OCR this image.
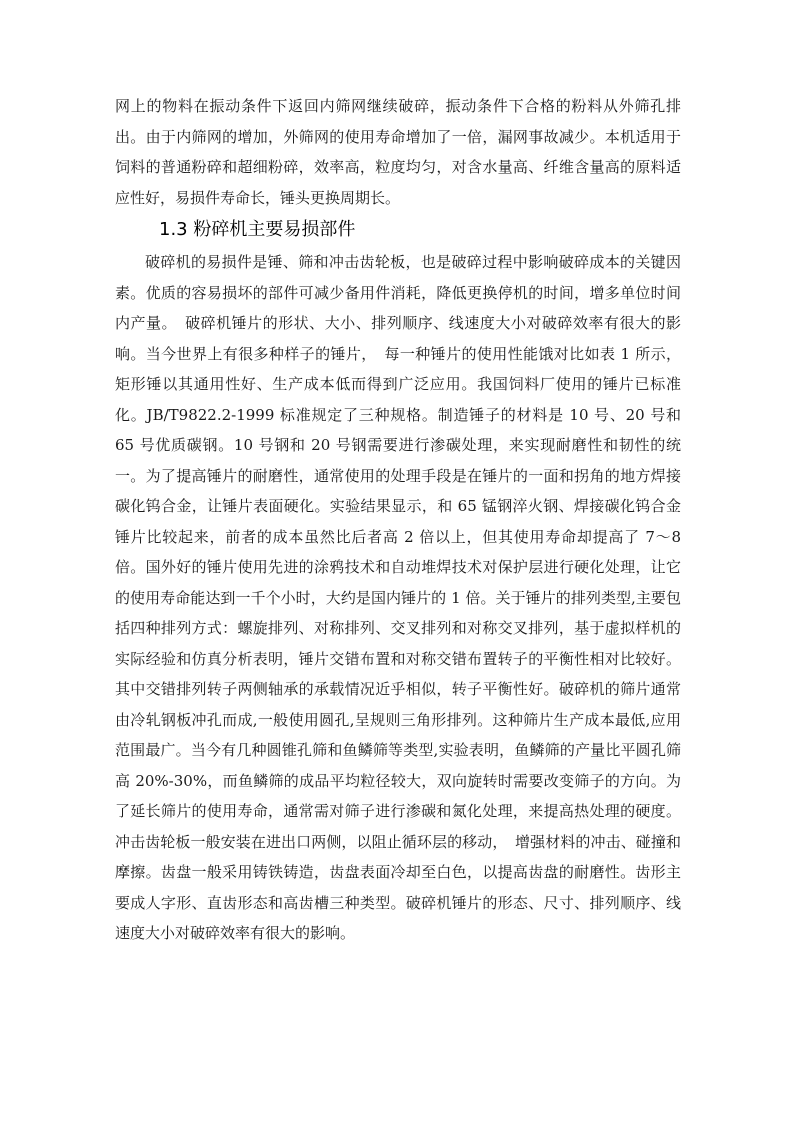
网上的物料在振动条件下返回内筛网继续破碎，振动条件下合格的粉料从外筛孔排出。由于内筛网的增加，外筛网的使用寿命增加了一倍，漏网事故减少。本机适用于饲料的普通粉碎和超细粉碎，效率高，粒度均匀，对含水量高、纤维含量高的原料适应性好，易损件寿命长，锤头更换周期长。

1.3 粉碎机主要易损部件

破碎机的易损件是锤、筛和冲击齿轮板，也是破碎过程中影响破碎成本的关键因素。优质的容易损坏的部件可减少备用件消耗，降低更换停机的时间，增多单位时间内产量。　破碎机锤片的形状、大小、排列顺序、线速度大小对破碎效率有很大的影响。当今世界上有很多种样子的锤片，　每一种锤片的使用性能饿对比如表 1 所示，矩形锤以其通用性好、生产成本低而得到广泛应用。我国饲料厂使用的锤片已标准化。JB/T9822.2-1999 标准规定了三种规格。制造锤子的材料是 10 号、20 号和 65 号优质碳钢。10 号钢和 20 号钢需要进行渗碳处理，来实现耐磨性和韧性的统一。为了提高锤片的耐磨性，通常使用的处理手段是在锤片的一面和拐角的地方焊接碳化钨合金，让锤片表面硬化。实验结果显示，和 65 锰钢淬火钢、焊接碳化钨合金锤片比较起来，前者的成本虽然比后者高 2 倍以上，但其使用寿命却提高了 7～8 倍。国外好的锤片使用先进的涂鸦技术和自动堆焊技术对保护层进行硬化处理，让它的使用寿命能达到一千个小时，大约是国内锤片的 1 倍。关于锤片的排列类型,主要包括四种排列方式：螺旋排列、对称排列、交叉排列和对称交叉排列，基于虚拟样机的实际经验和仿真分析表明，锤片交错布置和对称交错布置转子的平衡性相对比较好。其中交错排列转子两侧轴承的承载情况近乎相似，转子平衡性好。破碎机的筛片通常由冷轧钢板冲孔而成,一般使用圆孔,呈规则三角形排列。这种筛片生产成本最低,应用范围最广。当今有几种圆锥孔筛和鱼鳞筛等类型,实验表明，鱼鳞筛的产量比平圆孔筛高 20%-30%，而鱼鳞筛的成品平均粒径较大，双向旋转时需要改变筛子的方向。为了延长筛片的使用寿命，通常需对筛子进行渗碳和氮化处理，来提高热处理的硬度。冲击齿轮板一般安装在进出口两侧，以阻止循环层的移动，　增强材料的冲击、碰撞和摩擦。齿盘一般采用铸铁铸造，齿盘表面冷却至白色，以提高齿盘的耐磨性。齿形主要成人字形、直齿形态和高齿槽三种类型。破碎机锤片的形态、尺寸、排列顺序、线速度大小对破碎效率有很大的影响。
